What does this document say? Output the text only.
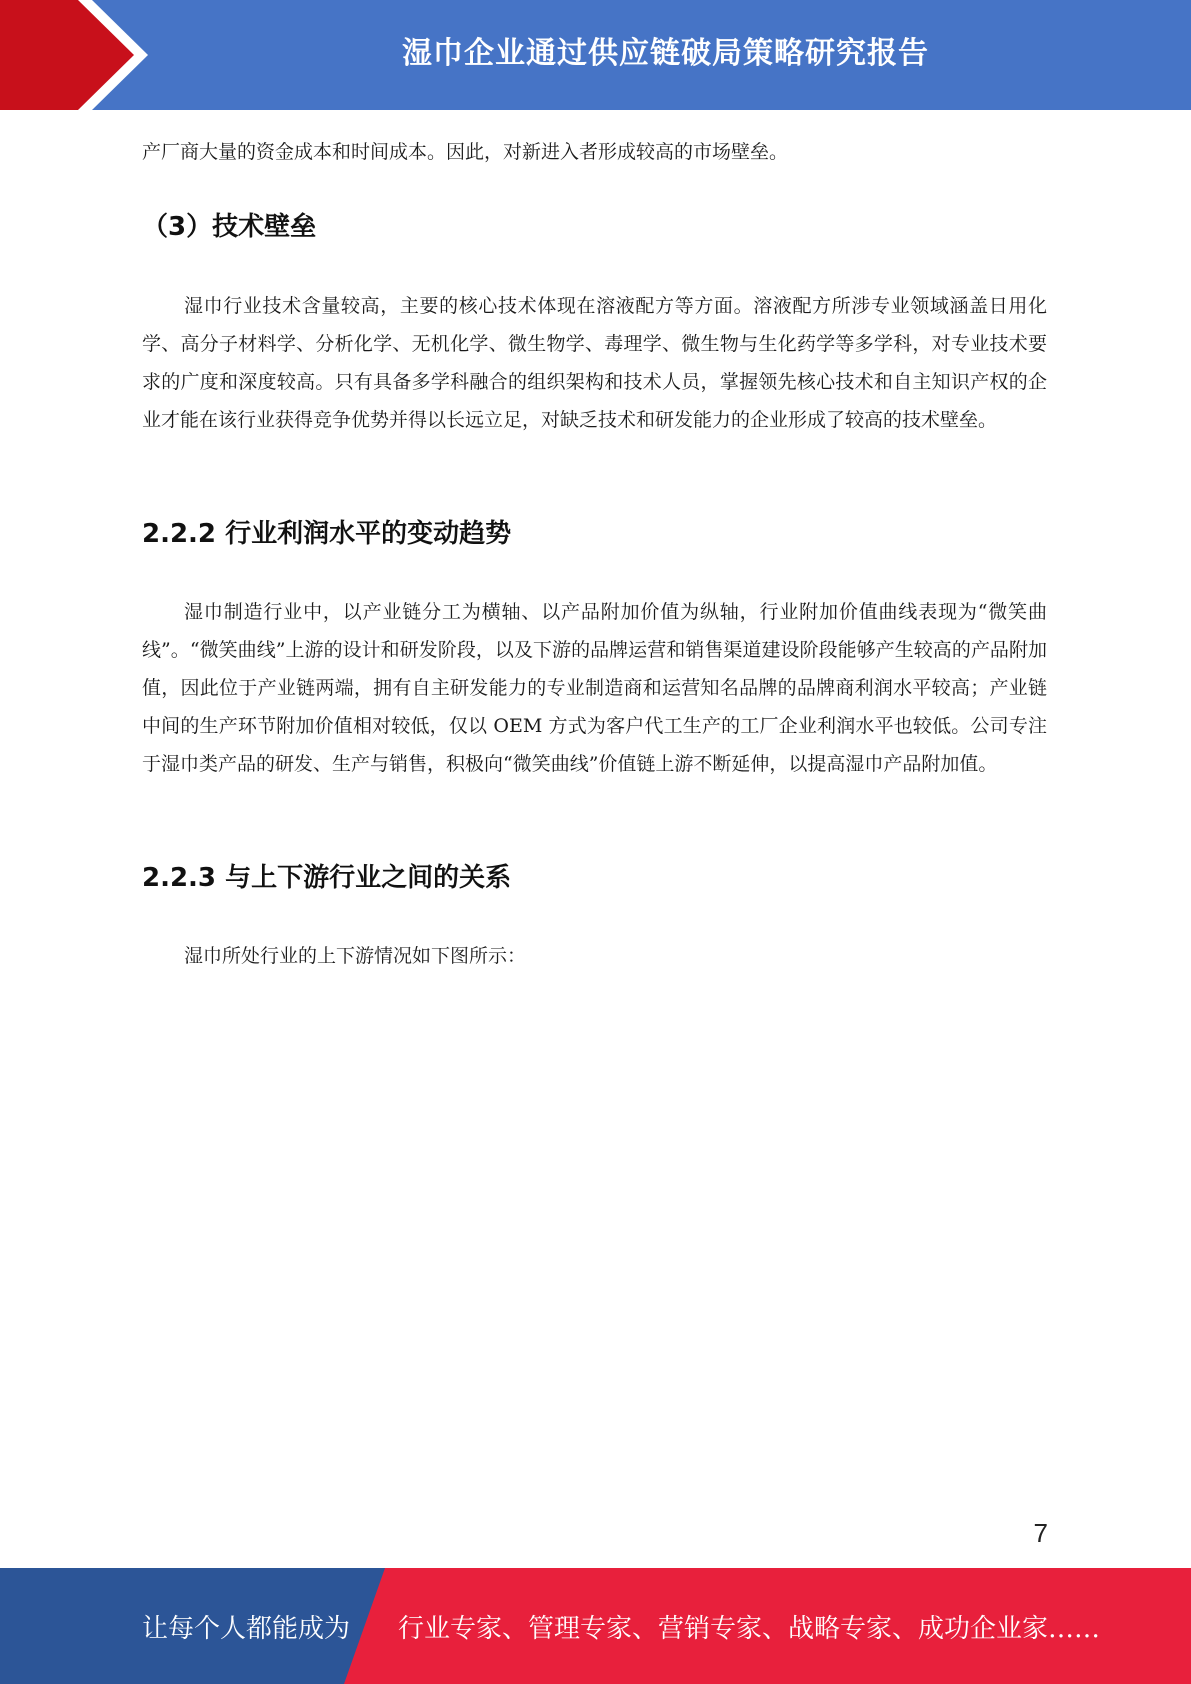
湿巾企业通过供应链破局策略研究报告
产厂商大量的资金成本和时间成本。因此，对新进入者形成较高的市场壁垒。
（3）技术壁垒
湿巾行业技术含量较高，主要的核心技术体现在溶液配方等方面。溶液配方所涉专业领域涵盖日用化学、高分子材料学、分析化学、无机化学、微生物学、毒理学、微生物与生化药学等多学科，对专业技术要求的广度和深度较高。只有具备多学科融合的组织架构和技术人员，掌握领先核心技术和自主知识产权的企业才能在该行业获得竞争优势并得以长远立足，对缺乏技术和研发能力的企业形成了较高的技术壁垒。
2.2.2 行业利润水平的变动趋势
湿巾制造行业中，以产业链分工为横轴、以产品附加价值为纵轴，行业附加价值曲线表现为“微笑曲线”。“微笑曲线”上游的设计和研发阶段，以及下游的品牌运营和销售渠道建设阶段能够产生较高的产品附加值，因此位于产业链两端，拥有自主研发能力的专业制造商和运营知名品牌的品牌商利润水平较高；产业链中间的生产环节附加价值相对较低，仅以 OEM 方式为客户代工生产的工厂企业利润水平也较低。公司专注于湿巾类产品的研发、生产与销售，积极向“微笑曲线”价值链上游不断延伸，以提高湿巾产品附加值。
2.2.3 与上下游行业之间的关系
湿巾所处行业的上下游情况如下图所示：
7
让每个人都能成为 行业专家、管理专家、营销专家、战略专家、成功企业家……
